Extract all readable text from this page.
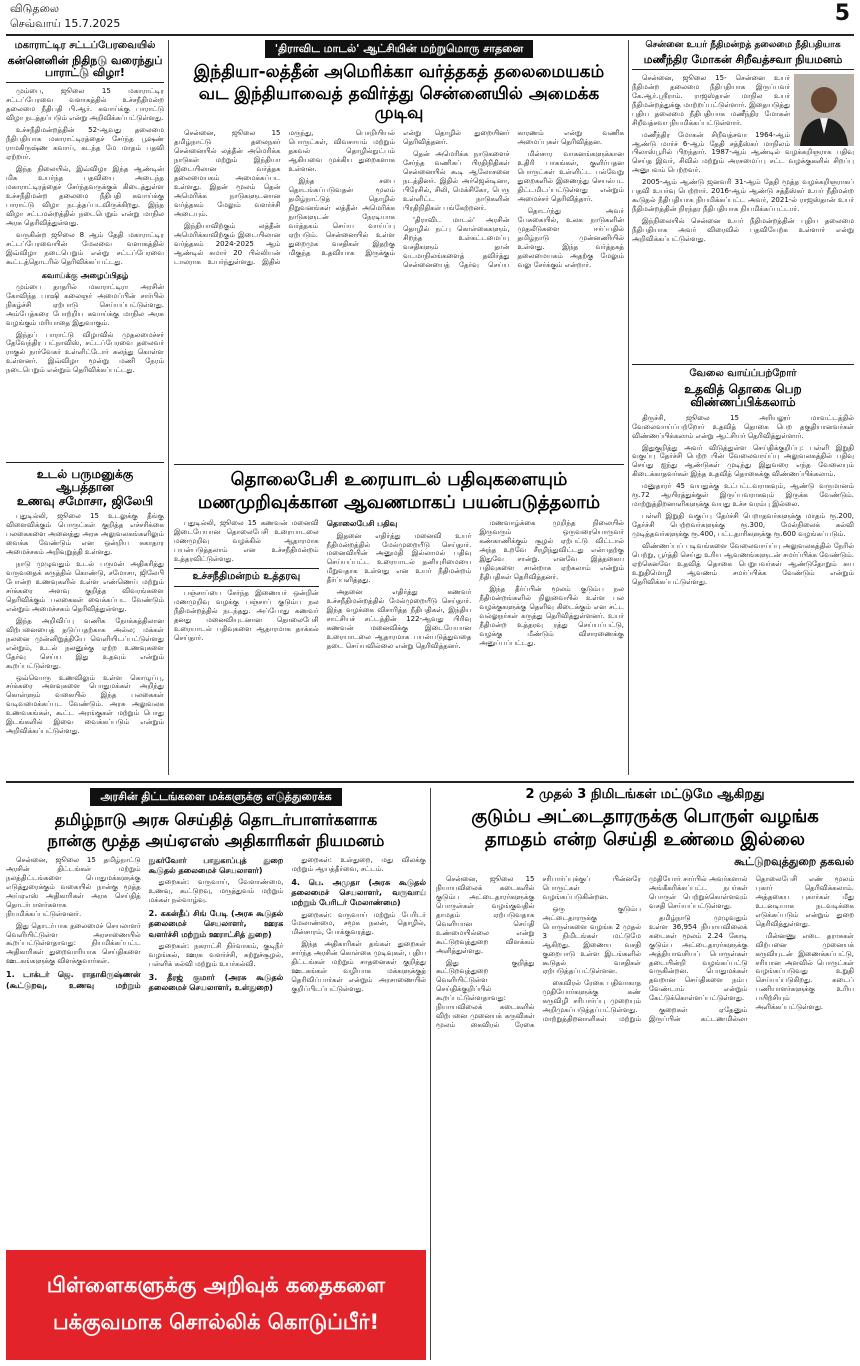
விடுதலை
செவ்வாய் 15.7.2025	5
மகாராட்டிர சட்டப்பேரவையில்
கன்னெனின் நிதிநடு வரைந்துப் பாராட்டு விழா!

மும்பை, ஜூலை 15 மகாராட்டிர சட்டப்பேரவை வளாகத்தில் உச்சநீதிமன்ற தலைமை நீதிபதி பி.ஆர். கவாய்க்கு பாராட்டு விழா நடத்தப்படும் என்று அறிவிக்கப்பட்டுள்ளது.

உச்சநீதிமன்றத்தின் 52-ஆவது தலைமை நீதிபதியாக மகாராட்டிரத்தைச் சேர்ந்த பூஷண் ராமகிருஷ்ண கவாய், கடந்த மே மாதம் பதவி ஏற்றார்.

இந்த நிலையில், இவ்விழா இந்த ஆண்டின் மிக உயர்ந்த பதவியை அடைந்த மகாராட்டிரத்தைச் சேர்ந்தவருக்குக் கிடைத்துள்ள உச்சநீதிமன்ற தலைமை நீதிபதி கவாய்க்கு பாராட்டு விழா நடத்தப்படவிருக்கிறது. இந்த விழா சட்டமன்றத்தில் நடைபெறும் என்று மாநில அரசு தெரிவித்துள்ளது.

வருகின்ற ஜூலை 8 ஆம் தேதி மகாராட்டிர சட்டப்பேரவையின் மேலவை வளாகத்தில் இவ்விழா நடைபெறும் என்று சட்டப்பேரவை கூட்டத்தொடரில் தெரிவிக்கப்பட்டது.

கவாய்க்கு அழைப்பிதழ்

மும்பை தாதரில் மகாராட்டிரா அரசின் கோவிந்த பாஷி கலைஞர் அமைப்பின் சார்பில் நிகழ்ச்சி ஏற்பாடு செய்யப்பட்டுள்ளது. அம்பேத்கரை போற்றிய கவாய்க்கு மாநில அரசு வழங்கும் மரியாதை இதுவாகும்.

இந்தப் பாராட்டு விழாவில் முதலமைச்சர் தேவேந்திர பட்நாவிஸ், சட்டப்பேரவை தலைவர் ராகுல் நார்வேகர் உள்ளிட்டோர் கலந்து கொள்ள உள்ளனர். இவ்விழா மூன்று மணி நேரம் நடைபெறும் என்றும் தெரிவிக்கப்பட்டது.

உடல் பருமனுக்கு ஆபத்தான
உணவு சமோசா, ஜிலேபி

புதுடில்லி, ஜூலை 15 உடலுக்கு தீங்கு விளைவிக்கும் பொருட்கள் குறித்த எச்சரிக்கை பலகைகளை அனைத்து அரசு அலுவலகங்களிலும் வைக்க வேண்டும் என ஒன்றிய சுகாதார அமைச்சகம் அறிவுறுத்தி உள்ளது.

நாடு முழுவதும் உடல் பருமன் அதிகரித்து வருவதைக் கருத்தில் கொண்டு, சமோசா, ஜிலேபி போன்ற உணவுகளில் உள்ள எண்ணெய் மற்றும் சர்க்கரை அளவு குறித்த விவரங்களை தெரிவிக்கும் பலகைகள் வைக்கப்பட வேண்டும் என்றும் அமைச்சகம் தெரிவித்துள்ளது.

இந்த அறிவிப்பு வணிக நோக்கத்திலான விற்பனையைத் தடுப்பதற்காக அல்ல; மக்கள் நலனை முன்னிறுத்தியே வெளியிடப்பட்டுள்ளது என்றும், உடல் நலனுக்கு ஏற்ற உணவுகளை தேர்வு செய்ய இது உதவும் என்றும் கூறப்பட்டுள்ளது.

ஒவ்வொரு உணவிலும் உள்ள கொழுப்பு, சர்க்கரை அளவுகளை பொதுமக்கள் அறிந்து கொள்ளும் வகையில் இந்த பலகைகள் வடிவமைக்கப்பட வேண்டும். அரசு அலுவலக உணவகங்கள், கூட்ட அரங்குகள் மற்றும் பொது இடங்களில் இவை வைக்கப்படும் என்றும் அறிவிக்கப்பட்டுள்ளது.

'திராவிட மாடல்' ஆட்சியின் மற்றுமொரு சாதனை
இந்தியா-லத்தீன் அமெரிக்கா வர்த்தகத் தலைமையகம்
வட இந்தியாவைத் தவிர்த்து சென்னையில் அமைக்க முடிவு

சென்னை, ஜூலை 15 தமிழ்நாட்டு தலைநகர் சென்னையில் லத்தீன் அமெரிக்க நாடுகள் மற்றும் இந்தியா இடையிலான வர்த்தக தலைமையகம் அமைக்கப்பட உள்ளது. இதன் மூலம் தென் அமெரிக்க நாடுகளுடனான வர்த்தகம் மேலும் வளர்ச்சி அடையும்.

இந்தியாவிற்கும் லத்தீன் அமெரிக்காவிற்கும் இடையிலான வர்த்தகம் 2024-2025 ஆம் ஆண்டில் சுமார் 20 பில்லியன் டாலராக உயர்ந்துள்ளது. இதில் மருந்து, பொறியியல் பொருட்கள், விவசாயம் மற்றும் தகவல் தொழில்நுட்பம் ஆகியவை முக்கிய துறைகளாக உள்ளன.

இந்த சபை தொடங்கப்படுவதன் மூலம் தமிழ்நாட்டுத் தொழில் நிறுவனங்கள் லத்தீன் அமெரிக்க நாடுகளுடன் நேரடியாக வர்த்தகம் செய்ய வாய்ப்பு ஏற்படும். சென்னையில் உள்ள துறைமுக வசதிகள் இதற்கு மிகுந்த உதவியாக இருக்கும் என்று தொழில் துறையினர் தெரிவித்தனர்.

தென் அமெரிக்க நாடுகளைச் சேர்ந்த வணிகப் பிரதிநிதிகள் சென்னையில் கூடி ஆலோசனை நடத்தினர். இதில் அர்ஜென்டினா, பிரேசில், சிலி, மெக்சிகோ, பெரு உள்ளிட்ட நாடுகளின் பிரதிநிதிகள் பங்கேற்றனர்.

'திராவிட மாடல்' அரசின் தொழில் நட்பு கொள்கைகளும், சிறந்த உள்கட்டமைப்பு வசதிகளும் தான் வடமாநிலங்களைத் தவிர்த்து சென்னையைத் தேர்வு செய்ய காரணம் என்று வணிக அமைப்புகள் தெரிவித்தன.

மின்சார வாகனங்களுக்கான உதிரி பாகங்கள், குளிர்பதன பொருட்கள் உள்ளிட்ட பல்வேறு துறைகளில் இணைந்து செயல்பட திட்டமிடப்பட்டுள்ளது என்றும் அமைச்சர் தெரிவித்தார்.

தொடர்ந்து அவர் பேசுகையில், உலக நாடுகளின் முதலீடுகளை ஈர்ப்பதில் தமிழ்நாடு முன்னணியில் உள்ளது. இந்த வர்த்தகத் தலைமையகம் அதற்கு மேலும் வலு சேர்க்கும் என்றார்.

தொலைபேசி உரையாடல் பதிவுகளையும்
மணமுறிவுக்கான ஆவணமாகப் பயன்படுத்தலாம்

புதுடில்லி, ஜூலை 15 கணவன் மனைவி இடையேயான தொலைபேசி உரையாடலை மணமுறிவு வழக்கில் ஆதாரமாக பயன்படுத்தலாம் என உச்சநீதிமன்றம் உத்தரவிட்டுள்ளது.

உச்சநீதிமன்றம் உத்தரவு

பஞ்சாப்பை சேர்ந்த இணையர் ஒன்றின் மணமுறிவு வழக்கு பஞ்சாப் குடும்ப நல நீதிமன்றத்தில் நடந்தது. அப்போது கணவர் தனது மனைவியுடனான தொலைபேசி உரையாடல் பதிவுகளை ஆதாரமாக தாக்கல் செய்தார்.

தொலைபேசி பதிவு

இதனை எதிர்த்து மனைவி உயர் நீதிமன்றத்தில் மேல்முறையீடு செய்தார். மனைவியின் அனுமதி இல்லாமல் பதிவு செய்யப்பட்ட உரையாடல் தனியுரிமையை மீறுவதாக உள்ளது என உயர் நீதிமன்றம் தீர்ப்பளித்தது.

அதனை எதிர்த்து கணவர் உச்சநீதிமன்றத்தில் மேல்முறையீடு செய்தார். இந்த வழக்கை விசாரித்த நீதிபதிகள், இந்திய சாட்சியச் சட்டத்தின் 122-ஆவது பிரிவு கணவன் மனைவிக்கு இடையேயான உரையாடலை ஆதாரமாக பயன்படுத்துவதை தடை செய்யவில்லை என்று தெரிவித்தனர்.

மணவாழ்க்கை முறிந்த நிலையில் இருவரும் ஒருவரையொருவர் கண்காணிக்கும் சூழல் ஏற்பட்டு விட்டால் அந்த உறவே சீரழிந்துவிட்டது என்பதற்கு இதுவே சான்று. எனவே இத்தகைய பதிவுகளை சான்றாக ஏற்கலாம் என்றும் நீதிபதிகள் தெரிவித்தனர்.

இந்த தீர்ப்பின் மூலம் குடும்ப நல நீதிமன்றங்களில் நிலுவையில் உள்ள பல வழக்குகளுக்கு தெளிவு கிடைக்கும் என சட்ட வல்லுநர்கள் கருத்து தெரிவித்துள்ளனர். உயர் நீதிமன்ற உத்தரவு ரத்து செய்யப்பட்டு, வழக்கு மீண்டும் விசாரணைக்கு அனுப்பப்பட்டது.

சென்னை உயர் நீதிமன்றத் தலைமை நீதிபதியாக
மணீந்திர மோகன் சிறீவத்சவா நியமனம்

சென்னை, ஜூலை 15- சென்னை உயர் நீதிமன்ற தலைமை நீதிபதியாக இருப்பவர் கே.ஆர்.ஸ்ரீராம். ராஜஸ்தான் மாநில உயர் நீதிமன்றத்துக்கு மாற்றப்பட்டுள்ளார். இதையடுத்து புதிய தலைமை நீதிபதியாக மணீந்திர மோகன் சிறீவத்சவா நியமிக்கப்பட்டுள்ளார்.

மணீந்திர மோகன் சிறீவத்சவா 1964-ஆம் ஆண்டு மார்ச் 6-ஆம் தேதி சத்தீஸ்கர் மாநிலம் பிலாஸ்பூரில் பிறந்தார். 1987-ஆம் ஆண்டில் வழக்கறிஞராக பதிவு செய்த இவர், சிவில் மற்றும் அரசமைப்பு சட்ட வழக்குகளில் சிறப்பு அனுபவம் பெற்றவர்.

2005-ஆம் ஆண்டு ஜனவரி 31-ஆம் தேதி மூத்த வழக்கறிஞராகப் பதவி உயர்வு பெற்றார். 2016-ஆம் ஆண்டு சத்தீஸ்கர் உயர் நீதிமன்ற கூடுதல் நீதிபதியாக நியமிக்கப்பட்ட அவர், 2021-ல் ராஜஸ்தான் உயர் நீதிமன்றத்தின் நிரந்தர நீதிபதியாக நியமிக்கப்பட்டார்.

இந்நிலையில் சென்னை உயர் நீதிமன்றத்தின் புதிய தலைமை நீதிபதியாக அவர் விரைவில் பதவியேற்க உள்ளார் என்று அறிவிக்கப்பட்டுள்ளது.

வேலை வாய்ப்பற்றோர்
உதவித் தொகை பெற விண்ணப்பிக்கலாம்

திருச்சி, ஜூலை 15 அரியலூர் மாவட்டத்தில் வேலைவாய்ப்பற்றோர் உதவித் தொகை பெற தகுதியானவர்கள் விண்ணப்பிக்கலாம் என்று ஆட்சியர் தெரிவித்துள்ளார்.

இதுகுறித்து அவர் விடுத்துள்ள செய்திக்குறிப்பு: பள்ளி இறுதி வகுப்பு தேர்ச்சி பெற்ற பின் வேலைவாய்ப்பு அலுவலகத்தில் பதிவு செய்து ஐந்து ஆண்டுகள் முடிந்து இதுவரை எந்த வேலையும் கிடைக்காதவர்கள் இந்த உதவித் தொகைக்கு விண்ணப்பிக்கலாம்.

மனுதாரர் 45 வயதுக்கு உட்பட்டவராகவும், ஆண்டு வருமானம் ரூ.72 ஆயிரத்துக்குள் இருப்பவராகவும் இருக்க வேண்டும். மாற்றுத்திறனாளிகளுக்கு வயது உச்ச வரம்பு இல்லை.

பள்ளி இறுதி வகுப்பு தேர்ச்சி பெறாதவர்களுக்கு மாதம் ரூ.200, தேர்ச்சி பெற்றவர்களுக்கு ரூ.300, மேல்நிலைக் கல்வி முடித்தவர்களுக்கு ரூ.400, பட்டதாரிகளுக்கு ரூ.600 வழங்கப்படும்.

விண்ணப்பப் படிவங்களை வேலைவாய்ப்பு அலுவலகத்தில் நேரில் பெற்று, பூர்த்தி செய்து உரிய ஆவணங்களுடன் சமர்ப்பிக்க வேண்டும். ஏற்கெனவே உதவித் தொகை பெறுபவர்கள் ஆண்டுதோறும் சுய உறுதிமொழி ஆவணம் சமர்ப்பிக்க வேண்டும் என்றும் தெரிவிக்கப்பட்டுள்ளது.

அரசின் திட்டங்களை மக்களுக்கு எடுத்துரைக்க
தமிழ்நாடு அரசு செய்தித் தொடர்பாளர்களாக
நான்கு மூத்த அய்ஏஎஸ் அதிகாரிகள் நியமனம்

சென்னை, ஜூலை 15 தமிழ்நாட்டு அரசின் திட்டங்கள் மற்றும் நலத்திட்டங்களை பொதுமக்களுக்கு எடுத்துரைக்கும் வகையில் நான்கு மூத்த அய்ஏஎஸ் அதிகாரிகள் அரசு செய்தித் தொடர்பாளர்களாக நியமிக்கப்பட்டுள்ளனர்.

இது தொடர்பாக தலைமைச் செயலாளர் வெளியிட்டுள்ள அரசாணையில் கூறப்பட்டுள்ளதாவது: நியமிக்கப்பட்ட அதிகாரிகள் துறைவாரியாக செய்திகளை ஊடகங்களுக்கு விளக்குவார்கள்.

1. டாக்டர் ஜெ. ராதாகிருஷ்ணன் (கூட்டுறவு, உணவு மற்றும் நுகர்வோர் பாதுகாப்புத் துறை கூடுதல் தலைமைச் செயலாளர்)

துறைகள்: வருவாய், வேளாண்மை, உணவு, கூட்டுறவு, மருத்துவம் மற்றும் மக்கள் நல்வாழ்வு.

2. ககன்தீப் சிங் பேடி (அரசு கூடுதல் தலைமைச் செயலாளர், ஊரக வளர்ச்சி மற்றும் ஊராட்சித் துறை)

துறைகள்: நகராட்சி நிர்வாகம், குடிநீர் வழங்கல், ஊரக வளர்ச்சி, சுற்றுச்சூழல், பள்ளிக் கல்வி மற்றும் உயர்கல்வி.

3. தீரஜ் குமார் (அரசு கூடுதல் தலைமைச் செயலாளர், உள்துறை)

துறைகள்: உள்துறை, மது விலக்கு மற்றும் ஆயத்தீர்வை, சட்டம்.

4. பெ. அமுதா (அரசு கூடுதல் தலைமைச் செயலாளர், வருவாய் மற்றும் பேரிடர் மேலாண்மை)

துறைகள்: வருவாய் மற்றும் பேரிடர் மேலாண்மை, சமூக நலன், தொழில், மின்சாரம், போக்குவரத்து.

இந்த அதிகாரிகள் தங்கள் துறைகள் சார்ந்த அரசின் கொள்கை முடிவுகள், புதிய திட்டங்கள் மற்றும் சாதனைகள் குறித்து ஊடகங்கள் வழியாக மக்களுக்குத் தெரிவிப்பார்கள் என்றும் அரசாணையில் குறிப்பிடப்பட்டுள்ளது.

பிள்ளைகளுக்கு அறிவுக் கதைகளை
பக்குவமாக சொல்லிக் கொடுப்பீர்!
2 முதல் 3 நிமிடங்கள் மட்டுமே ஆகிறது
குடும்ப அட்டைதாரருக்கு பொருள் வழங்க
தாமதம் என்ற செய்தி உண்மை இல்லை
கூட்டுறவுத்துறை தகவல்

சென்னை, ஜூலை 15 நியாயவிலைக் கடைகளில் குடும்ப அட்டைதாரர்களுக்கு பொருள்கள் வழங்குவதில் தாமதம் ஏற்படுவதாக வெளியான செய்தி உண்மையில்லை என்று கூட்டுறவுத்துறை விளக்கம் அளித்துள்ளது.

இது குறித்து கூட்டுறவுத்துறை வெளியிட்டுள்ள செய்திக்குறிப்பில் கூறப்பட்டுள்ளதாவது: நியாயவிலைக் கடைகளில் விற்பனை முனையக் கருவிகள் மூலம் கைவிரல் ரேகை சரிபார்ப்புக்குப் பின்னரே பொருட்கள் வழங்கப்படுகின்றன.

ஒரு குடும்ப அட்டைதாரருக்கு பொருள்களை வழங்க 2 முதல் 3 நிமிடங்கள் மட்டுமே ஆகிறது. இணைய வசதி குறைபாடு உள்ள இடங்களில் கூடுதல் வசதிகள் ஏற்படுத்தப்பட்டுள்ளன.

கைவிரல் ரேகை பதிவாகாத முதியோர்களுக்கு கண் கருவிழி சரிபார்ப்பு முறையும் அறிமுகப்படுத்தப்பட்டுள்ளது. மாற்றுத்திறனாளிகள் மற்றும் முதியோர் சார்பில் அவர்களால் அங்கீகரிக்கப்பட்ட நபர்கள் பொருள் பெற்றுக்கொள்ளவும் வசதி செய்யப்பட்டுள்ளது.

தமிழ்நாடு முழுவதும் உள்ள 36,954 நியாயவிலைக் கடைகள் மூலம் 2.24 கோடி குடும்ப அட்டைதாரர்களுக்கு அத்தியாவசியப் பொருள்கள் தடையின்றி வழங்கப்பட்டு வருகின்றன. பொதுமக்கள் தவறான செய்திகளை நம்ப வேண்டாம் என்றும் கேட்டுக்கொள்ளப்பட்டுள்ளது.

குறைகள் ஏதேனும் இருப்பின் கட்டணமில்லா தொலைபேசி எண் மூலம் புகார் தெரிவிக்கலாம். அத்தகைய புகார்கள் மீது உடனடியாக நடவடிக்கை எடுக்கப்படும் என்றும் துறை தெரிவித்துள்ளது.

மின்னணு எடை தராசுகள் விற்பனை முனையக் கருவியுடன் இணைக்கப்பட்டு, சரியான அளவில் பொருட்கள் வழங்கப்படுவது உறுதி செய்யப்படுகிறது. கடைப் பணியாளர்களுக்கு உரிய பயிற்சியும் அளிக்கப்பட்டுள்ளது.
